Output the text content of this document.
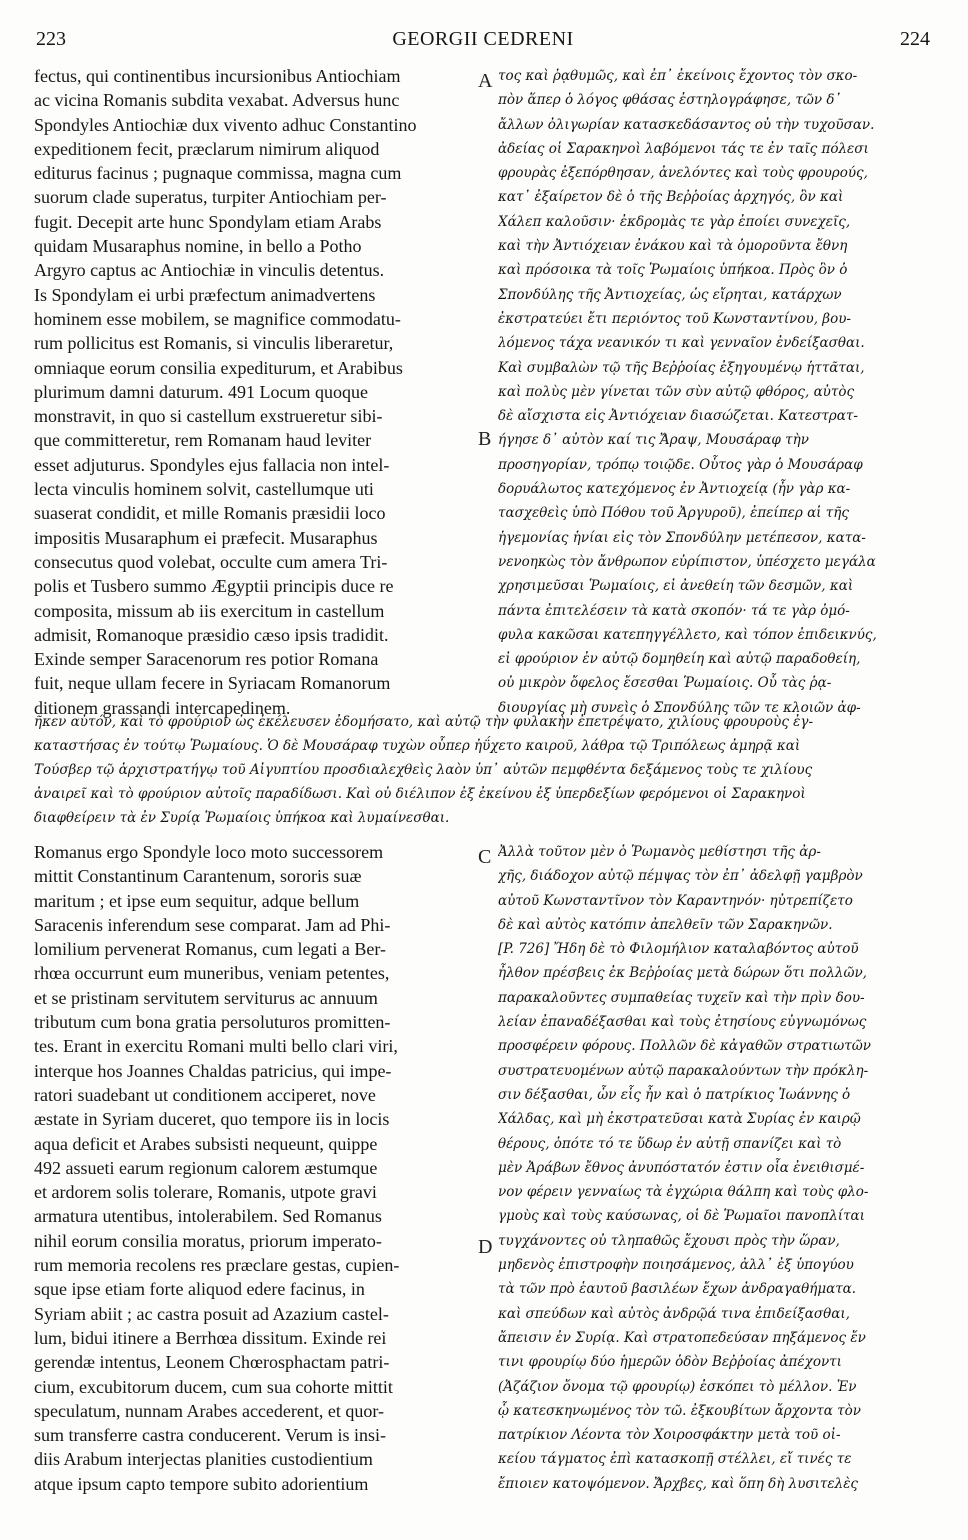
223	GEORGII CEDRENI	224
fectus, qui continentibus incursionibus Antiochiam
ac vicina Romanis subdita vexabat. Adversus hunc
Spondyles Antiochiæ dux vivento adhuc Constantino
expeditionem fecit, præclarum nimirum aliquod
editurus facinus ; pugnaque commissa, magna cum
suorum clade superatus, turpiter Antiochiam per-
fugit. Decepit arte hunc Spondylam etiam Arabs
quidam Musaraphus nomine, in bello a Potho
Argyro captus ac Antiochiæ in vinculis detentus.
Is Spondylam ei urbi præfectum animadvertens
hominem esse mobilem, se magnifice commodatu-
rum pollicitus est Romanis, si vinculis liberaretur,
omniaque eorum consilia expediturum, et Arabibus
plurimum damni daturum. 491 Locum quoque
monstravit, in quo si castellum exstrueretur sibi-
que committeretur, rem Romanam haud leviter
esset adjuturus. Spondyles ejus fallacia non intel-
lecta vinculis hominem solvit, castellumque uti
suaserat condidit, et mille Romanis præsidii loco
impositis Musaraphum ei præfecit. Musaraphus
consecutus quod volebat, occulte cum amera Tri-
polis et Tusbero summo Ægyptii principis duce re
composita, missum ab iis exercitum in castellum
admisit, Romanoque præsidio cæso ipsis tradidit.
Exinde semper Saracenorum res potior Romana
fuit, neque ullam fecere in Syriacam Romanorum
ditionem grassandi intercapedinem.
τος καὶ ῥᾳθυμῶς, καὶ ἐπ᾽ ἐκείνοις ἔχοντος τὸν σκο-
πὸν ἅπερ ὁ λόγος φθάσας ἐστηλογράφησε, τῶν δ᾽
ἄλλων ὀλιγωρίαν κατασκεδάσαντος οὐ τὴν τυχοῦσαν.
ἀδείας οἱ Σαρακηνοὶ λαβόμενοι τάς τε ἐν ταῖς πόλεσι
φρουρὰς ἐξεπόρθησαν, ἀνελόντες καὶ τοὺς φρουρούς,
κατ᾽ ἐξαίρετον δὲ ὁ τῆς Βεῤῥοίας ἀρχηγός, ὃν καὶ
Χάλεπ καλοῦσιν· ἐκδρομὰς τε γὰρ ἐποίει συνεχεῖς,
καὶ τὴν Ἀντιόχειαν ἐνάκου καὶ τὰ ὁμοροῦντα ἔθνη
καὶ πρόσοικα τὰ τοῖς Ῥωμαίοις ὑπήκοα. Πρὸς ὃν ὁ
Σπονδύλης τῆς Ἀντιοχείας, ὡς εἴρηται, κατάρχων
ἐκστρατεύει ἔτι περιόντος τοῦ Κωνσταντίνου, βου-
λόμενος τάχα νεανικόν τι καὶ γενναῖον ἐνδείξασθαι.
Καὶ συμβαλὼν τῷ τῆς Βεῤῥοίας ἐξηγουμένῳ ἡττᾶται,
καὶ πολὺς μὲν γίνεται τῶν σὺν αὐτῷ φθόρος, αὐτὸς
δὲ αἴσχιστα εἰς Ἀντιόχειαν διασώζεται. Κατεστρατ-
ήγησε δ᾽ αὐτὸν καί τις Ἄραψ, Μουσάραφ τὴν
προσηγορίαν, τρόπῳ τοιῷδε. Οὗτος γὰρ ὁ Μουσάραφ
δορυάλωτος κατεχόμενος ἐν Ἀντιοχείᾳ (ἦν γὰρ κα-
τασχεθεὶς ὑπὸ Πόθου τοῦ Ἀργυροῦ), ἐπείπερ αἱ τῆς
ἡγεμονίας ἡνίαι εἰς τὸν Σπονδύλην μετέπεσον, κατα-
νενοηκὼς τὸν ἄνθρωπον εὐρίπιστον, ὑπέσχετο μεγάλα
χρησιμεῦσαι Ῥωμαίοις, εἰ ἀνεθείη τῶν δεσμῶν, καὶ
πάντα ἐπιτελέσειν τὰ κατὰ σκοπόν· τά τε γὰρ ὁμό-
φυλα κακῶσαι κατεπηγγέλλετο, καὶ τόπον ἐπιδεικνύς,
εἰ φρούριον ἐν αὐτῷ δομηθείη καὶ αὐτῷ παραδοθείη,
οὐ μικρὸν ὄφελος ἔσεσθαι Ῥωμαίοις. Οὗ τὰς ῥᾳ-
διουργίας μὴ συνεὶς ὁ Σπονδύλης τῶν τε κλοιῶν ἀφ-
ῆκεν αὐτόν, καὶ τὸ φρούριον ὡς ἐκέλευσεν ἐδομήσατο, καὶ αὐτῷ τὴν φυλακὴν ἐπετρέψατο, χιλίους φρουροὺς ἐγ-
καταστήσας ἐν τούτῳ Ῥωμαίους. Ὁ δὲ Μουσάραφ τυχὼν οὗπερ ἠΰχετο καιροῦ, λάθρα τῷ Τριπόλεως ἀμηρᾷ καὶ
Τούσβερ τῷ ἀρχιστρατήγῳ τοῦ Αἰγυπτίου προσδιαλεχθεὶς λαὸν ὑπ᾽ αὐτῶν πεμφθέντα δεξάμενος τοὺς τε χιλίους
ἀναιρεῖ καὶ τὸ φρούριον αὐτοῖς παραδίδωσι. Καὶ οὐ διέλιπον ἐξ ἐκείνου ἐξ ὑπερδεξίων φερόμενοι οἱ Σαρακηνοὶ
διαφθείρειν τὰ ἐν Συρίᾳ Ῥωμαίοις ὑπήκοα καὶ λυμαίνεσθαι.
Romanus ergo Spondyle loco moto successorem
mittit Constantinum Carantenum, sororis suæ
maritum ; et ipse eum sequitur, adque bellum
Saracenis inferendum sese comparat. Jam ad Phi-
lomilium pervenerat Romanus, cum legati a Ber-
rhœa occurrunt eum muneribus, veniam petentes,
et se pristinam servitutem serviturus ac annuum
tributum cum bona gratia persoluturos promitten-
tes. Erant in exercitu Romani multi bello clari viri,
interque hos Joannes Chaldas patricius, qui impe-
ratori suadebant ut conditionem acciperet, nove
æstate in Syriam duceret, quo tempore iis in locis
aqua deficit et Arabes subsisti nequeunt, quippe
492 assueti earum regionum calorem æstumque
et ardorem solis tolerare, Romanis, utpote gravi
armatura utentibus, intolerabilem. Sed Romanus
nihil eorum consilia moratus, priorum imperato-
rum memoria recolens res præclare gestas, cupien-
sque ipse etiam forte aliquod edere facinus, in
Syriam abiit ; ac castra posuit ad Azazium castel-
lum, bidui itinere a Berrhœa dissitum. Exinde rei
gerendæ intentus, Leonem Chœrosphactam patri-
cium, excubitorum ducem, cum sua cohorte mittit
speculatum, nunnam Arabes accederent, et quor-
sum transferre castra conducerent. Verum is insi-
diis Arabum interjectas planities custodientium
atque ipsum capto tempore subito adorientium
Ἀλλὰ τοῦτον μὲν ὁ Ῥωμανὸς μεθίστησι τῆς ἀρ-
χῆς, διάδοχον αὐτῷ πέμψας τὸν ἐπ᾽ ἀδελφῇ γαμβρὸν
αὐτοῦ Κωνσταντῖνον τὸν Καραντηνόν· ηὐτρεπίζετο
δὲ καὶ αὐτὸς κατόπιν ἀπελθεῖν τῶν Σαρακηνῶν.
[P. 726] Ἤδη δὲ τὸ Φιλομήλιον καταλαβόντος αὐτοῦ
ἦλθον πρέσβεις ἐκ Βεῤῥοίας μετὰ δώρων ὅτι πολλῶν,
παρακαλοῦντες συμπαθείας τυχεῖν καὶ τὴν πρὶν δου-
λείαν ἐπαναδέξασθαι καὶ τοὺς ἐτησίους εὐγνωμόνως
προσφέρειν φόρους. Πολλῶν δὲ κἀγαθῶν στρατιωτῶν
συστρατευομένων αὐτῷ παρακαλούντων τὴν πρόκλη-
σιν δέξασθαι, ὧν εἷς ἦν καὶ ὁ πατρίκιος Ἰωάννης ὁ
Χάλδας, καὶ μὴ ἐκστρατεῦσαι κατὰ Συρίας ἐν καιρῷ
θέρους, ὁπότε τό τε ὕδωρ ἐν αὐτῇ σπανίζει καὶ τὸ
μὲν Ἀράβων ἔθνος ἀνυπόστατόν ἐστιν οἷα ἐνειθισμέ-
νον φέρειν γενναίως τὰ ἐγχώρια θάλπη καὶ τοὺς φλο-
γμοὺς καὶ τοὺς καύσωνας, οἱ δὲ Ῥωμαῖοι πανοπλίται
τυγχάνοντες οὐ τληπαθῶς ἔχουσι πρὸς τὴν ὥραν,
μηδενὸς ἐπιστροφὴν ποιησάμενος, ἀλλ᾽ ἐξ ὑπογύου
τὰ τῶν πρὸ ἑαυτοῦ βασιλέων ἔχων ἀνδραγαθήματα.
καὶ σπεύδων καὶ αὐτὸς ἀνδρῷά τινα ἐπιδείξασθαι,
ἄπεισιν ἐν Συρίᾳ. Καὶ στρατοπεδεύσαν πηξάμενος ἔν
τινι φρουρίῳ δύο ἡμερῶν ὁδὸν Βεῤῥοίας ἀπέχοντι
(Ἀζάζιον ὄνομα τῷ φρουρίῳ) ἐσκόπει τὸ μέλλον. Ἐν
ᾧ κατεσκηνωμένος τὸν τῶ. ἐξκουβίτων ἄρχοντα τὸν
πατρίκιον Λέοντα τὸν Χοιροσφάκτην μετὰ τοῦ οἰ-
κείου τάγματος ἐπὶ κατασκοπῇ στέλλει, εἴ τινές τε
ἔπιοιεν κατοψόμενον. Ἄρχβες, καὶ ὅπη δὴ λυσιτελὲς
A
B
C
D
